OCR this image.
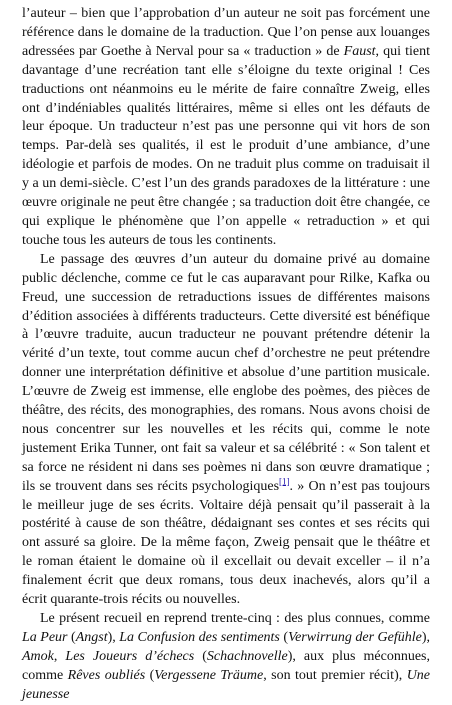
l’auteur – bien que l’approbation d’un auteur ne soit pas forcément une référence dans le domaine de la traduction. Que l’on pense aux louanges adressées par Goethe à Nerval pour sa « traduction » de Faust, qui tient davantage d’une recréation tant elle s’éloigne du texte original ! Ces traductions ont néanmoins eu le mérite de faire connaître Zweig, elles ont d’indéniables qualités littéraires, même si elles ont les défauts de leur époque. Un traducteur n’est pas une personne qui vit hors de son temps. Par-delà ses qualités, il est le produit d’une ambiance, d’une idéologie et parfois de modes. On ne traduit plus comme on traduisait il y a un demi-siècle. C’est l’un des grands paradoxes de la littérature : une œuvre originale ne peut être changée ; sa traduction doit être changée, ce qui explique le phénomène que l’on appelle « retraduction » et qui touche tous les auteurs de tous les continents.

Le passage des œuvres d’un auteur du domaine privé au domaine public déclenche, comme ce fut le cas auparavant pour Rilke, Kafka ou Freud, une succession de retraductions issues de différentes maisons d’édition associées à différents traducteurs. Cette diversité est bénéfique à l’œuvre traduite, aucun traducteur ne pouvant prétendre détenir la vérité d’un texte, tout comme aucun chef d’orchestre ne peut prétendre donner une interprétation définitive et absolue d’une partition musicale. L’œuvre de Zweig est immense, elle englobe des poèmes, des pièces de théâtre, des récits, des monographies, des romans. Nous avons choisi de nous concentrer sur les nouvelles et les récits qui, comme le note justement Erika Tunner, ont fait sa valeur et sa célébrité : « Son talent et sa force ne résident ni dans ses poèmes ni dans son œuvre dramatique ; ils se trouvent dans ses récits psychologiques[1]. » On n’est pas toujours le meilleur juge de ses écrits. Voltaire déjà pensait qu’il passerait à la postérité à cause de son théâtre, dédaignant ses contes et ses récits qui ont assuré sa gloire. De la même façon, Zweig pensait que le théâtre et le roman étaient le domaine où il excellait ou devait exceller – il n’a finalement écrit que deux romans, tous deux inachevés, alors qu’il a écrit quarante-trois récits ou nouvelles.

Le présent recueil en reprend trente-cinq : des plus connues, comme La Peur (Angst), La Confusion des sentiments (Verwirrung der Gefühle), Amok, Les Joueurs d’échecs (Schachnovelle), aux plus méconnues, comme Rêves oubliés (Vergessene Träume, son tout premier récit), Une jeunesse
